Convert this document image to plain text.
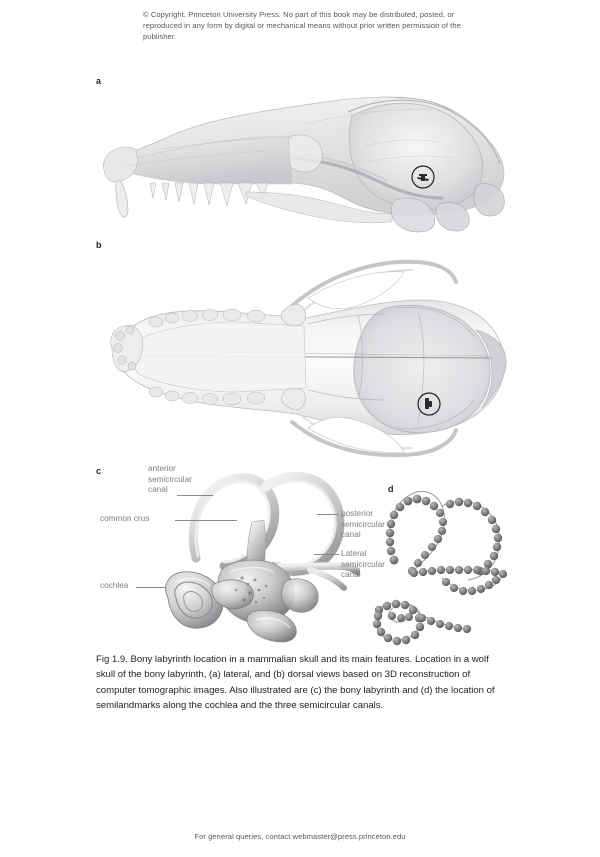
© Copyright, Princeton University Press. No part of this book may be distributed, posted, or reproduced in any form by digital or mechanical means without prior written permission of the publisher.
a
b
c	anterior
semicircular
canal
common crus
cochlea
posterior
semicircular
canal
Lateral
semicircular
canal
d
Fig 1.9. Bony labyrinth location in a mammalian skull and its main features. Location in a wolf skull of the bony labyrinth, (a) lateral, and (b) dorsal views based on 3D reconstruction of computer tomographic images. Also illustrated are (c) the bony labyrinth and (d) the location of semilandmarks along the cochlea and the three semicircular canals.
For general queries, contact webmaster@press.princeton.edu
